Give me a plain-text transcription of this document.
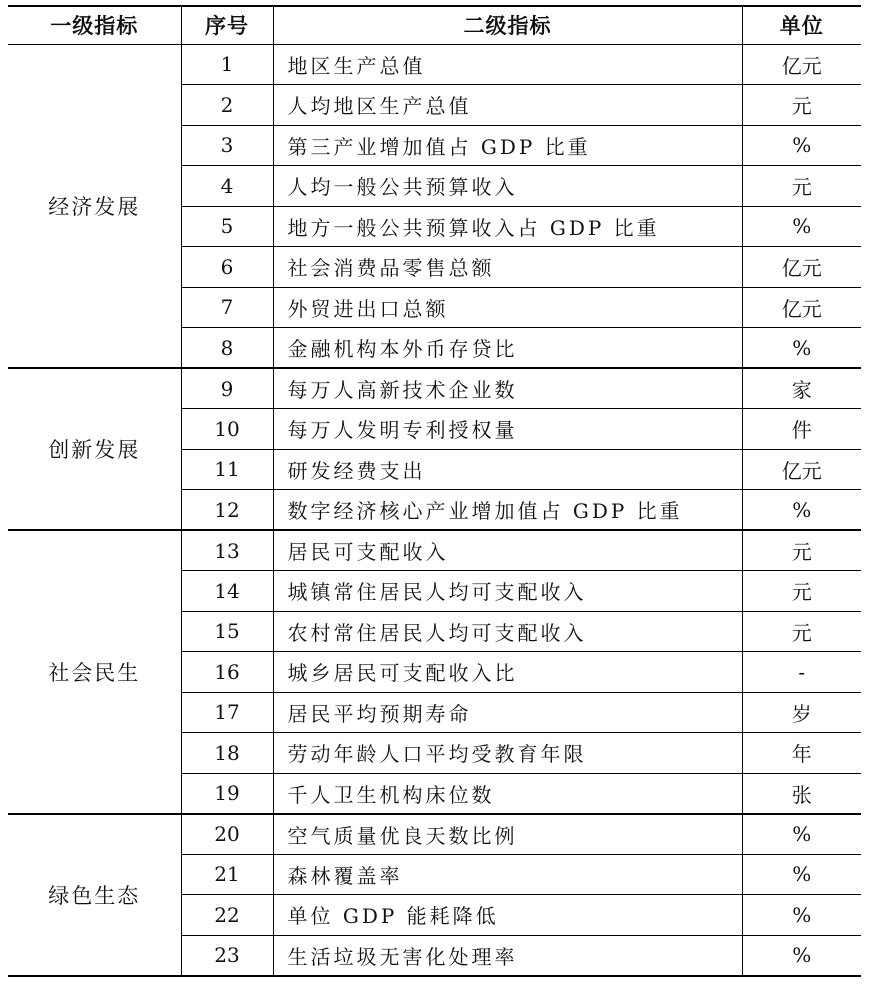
一级指标	序号	二级指标	单位
经济发展	1	地区生产总值	亿元
	2	人均地区生产总值	元
	3	第三产业增加值占 GDP 比重	%
	4	人均一般公共预算收入	元
	5	地方一般公共预算收入占 GDP 比重	%
	6	社会消费品零售总额	亿元
	7	外贸进出口总额	亿元
	8	金融机构本外币存贷比	%
创新发展	9	每万人高新技术企业数	家
	10	每万人发明专利授权量	件
	11	研发经费支出	亿元
	12	数字经济核心产业增加值占 GDP 比重	%
社会民生	13	居民可支配收入	元
	14	城镇常住居民人均可支配收入	元
	15	农村常住居民人均可支配收入	元
	16	城乡居民可支配收入比	-
	17	居民平均预期寿命	岁
	18	劳动年龄人口平均受教育年限	年
	19	千人卫生机构床位数	张
绿色生态	20	空气质量优良天数比例	%
	21	森林覆盖率	%
	22	单位 GDP 能耗降低	%
	23	生活垃圾无害化处理率	%
